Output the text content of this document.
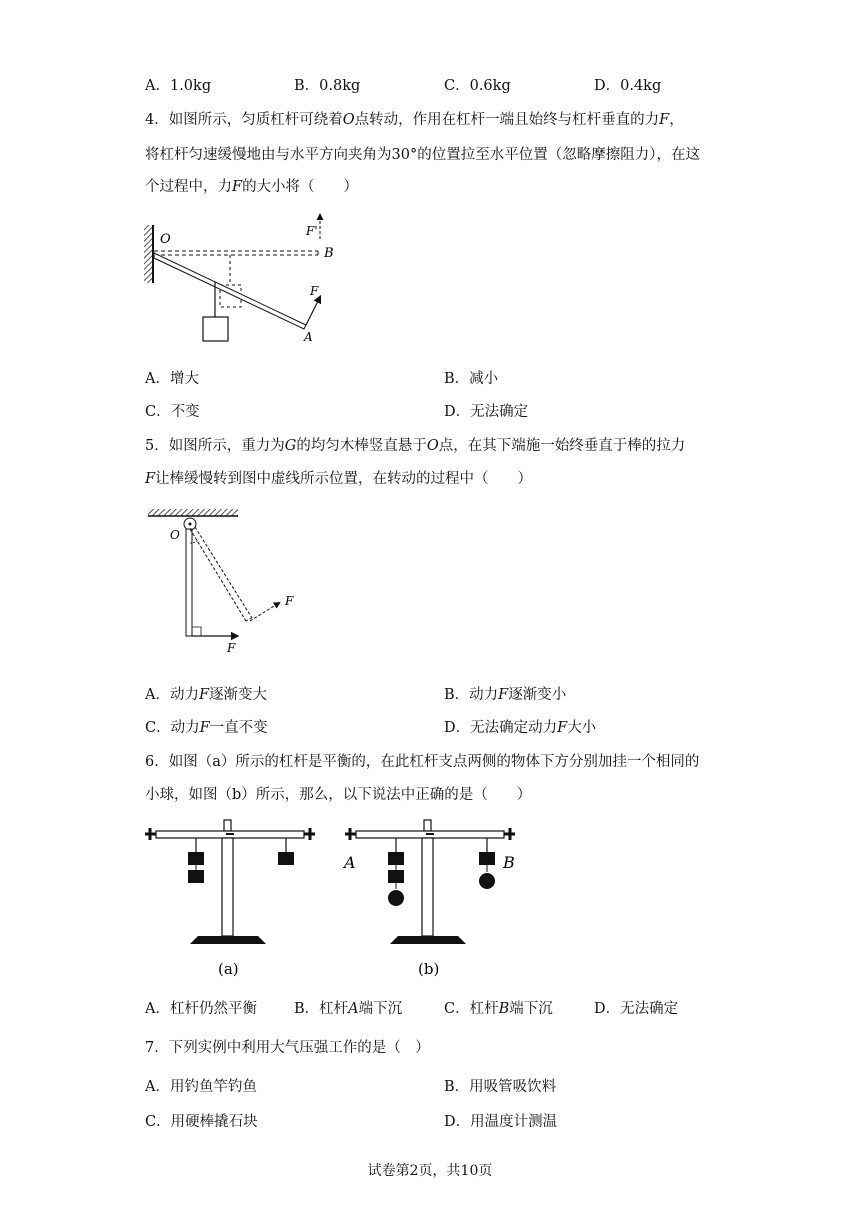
A．1.0kg	B．0.8kg	C．0.6kg	D．0.4kg
4．如图所示，匀质杠杆可绕着O点转动，作用在杠杆一端且始终与杠杆垂直的力F，
将杠杆匀速缓慢地由与水平方向夹角为30°的位置拉至水平位置（忽略摩擦阻力），在这
个过程中，力F的大小将（　　）
O
B
F'
F
A
A．增大	B．减小
C．不变	D．无法确定
5．如图所示，重力为G的均匀木棒竖直悬于O点，在其下端施一始终垂直于棒的拉力
F让棒缓慢转到图中虚线所示位置，在转动的过程中（　　）
O
F
F
A．动力F逐渐变大	B．动力F逐渐变小
C．动力F一直不变	D．无法确定动力F大小
6．如图（a）所示的杠杆是平衡的，在此杠杆支点两侧的物体下方分别加挂一个相同的
小球，如图（b）所示，那么，以下说法中正确的是（　　）
A	B
(a)	(b)
A．杠杆仍然平衡	B．杠杆A端下沉	C．杠杆B端下沉	D．无法确定
7．下列实例中利用大气压强工作的是（　）
A．用钓鱼竿钓鱼	B．用吸管吸饮料
C．用硬棒撬石块	D．用温度计测温
试卷第2页，共10页
